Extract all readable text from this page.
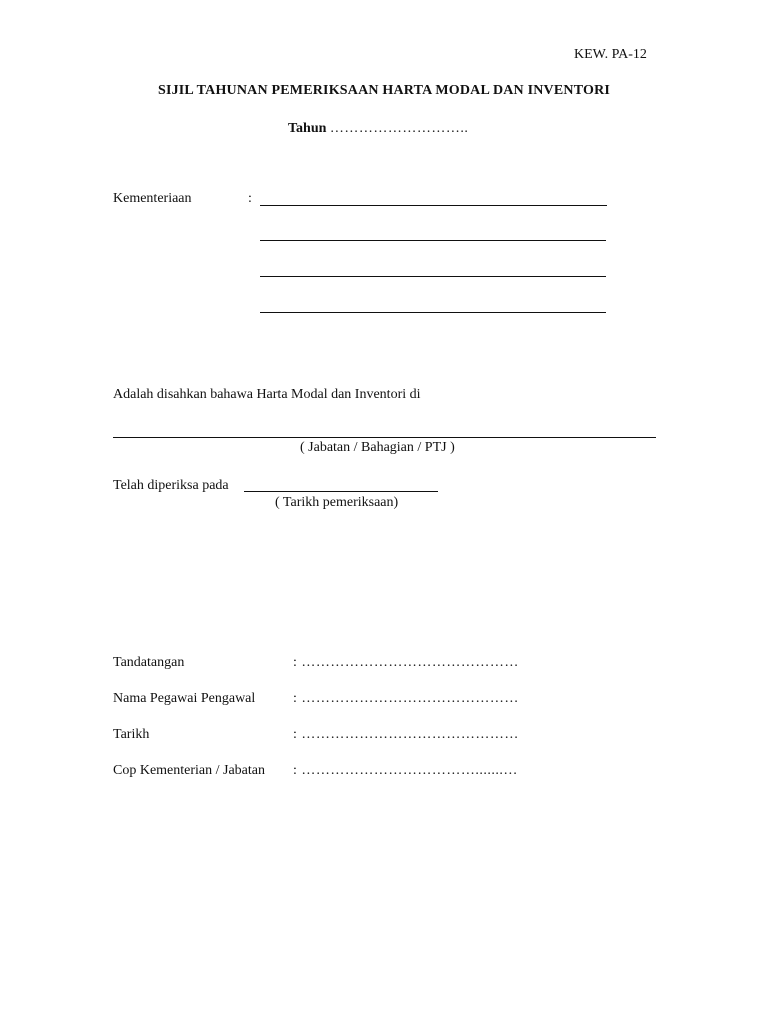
KEW. PA-12
SIJIL TAHUNAN PEMERIKSAAN HARTA MODAL DAN INVENTORI
Tahun ………………………..
Kementeriaan	:
Adalah disahkan bahawa Harta Modal dan Inventori di
( Jabatan / Bahagian / PTJ )
Telah diperiksa pada
( Tarikh pemeriksaan)
Tandatangan	: ………………………………………
Nama Pegawai Pengawal	: ………………………………………
Tarikh	: ………………………………………
Cop Kementerian / Jabatan : ……………………………….......…
